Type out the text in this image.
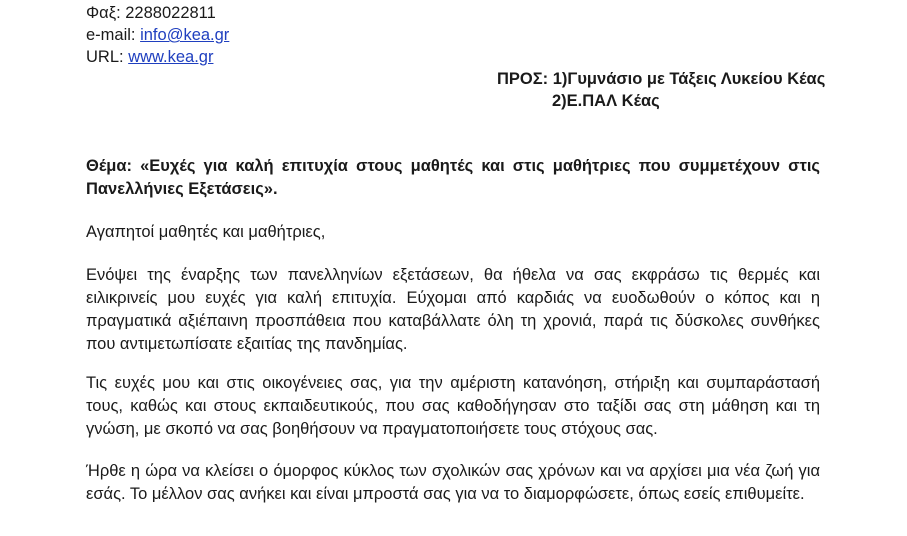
Φαξ: 2288022811
e-mail: info@kea.gr
URL: www.kea.gr
ΠΡΟΣ: 1)Γυμνάσιο με Τάξεις Λυκείου Κέας
2)Ε.ΠΑΛ Κέας
Θέμα: «Ευχές για καλή επιτυχία στους μαθητές και στις μαθήτριες που συμμετέχουν στις Πανελλήνιες Εξετάσεις».
Αγαπητοί μαθητές και μαθήτριες,
Ενόψει της έναρξης των πανελληνίων εξετάσεων, θα ήθελα να σας εκφράσω τις θερμές και ειλικρινείς μου ευχές για καλή επιτυχία. Εύχομαι από καρδιάς να ευοδωθούν ο κόπος και η πραγματικά αξιέπαινη προσπάθεια που καταβάλλατε όλη τη χρονιά, παρά τις δύσκολες συνθήκες που αντιμετωπίσατε εξαιτίας της πανδημίας.
Τις ευχές μου και στις οικογένειες σας, για την αμέριστη κατανόηση, στήριξη και συμπαράστασή τους, καθώς και στους εκπαιδευτικούς, που σας καθοδήγησαν στο ταξίδι σας στη μάθηση και τη γνώση, με σκοπό να σας βοηθήσουν να πραγματοποιήσετε τους στόχους σας.
Ήρθε η ώρα να κλείσει ο όμορφος κύκλος των σχολικών σας χρόνων και να αρχίσει μια νέα ζωή για εσάς. Το μέλλον σας ανήκει και είναι μπροστά σας για να το διαμορφώσετε, όπως εσείς επιθυμείτε.
